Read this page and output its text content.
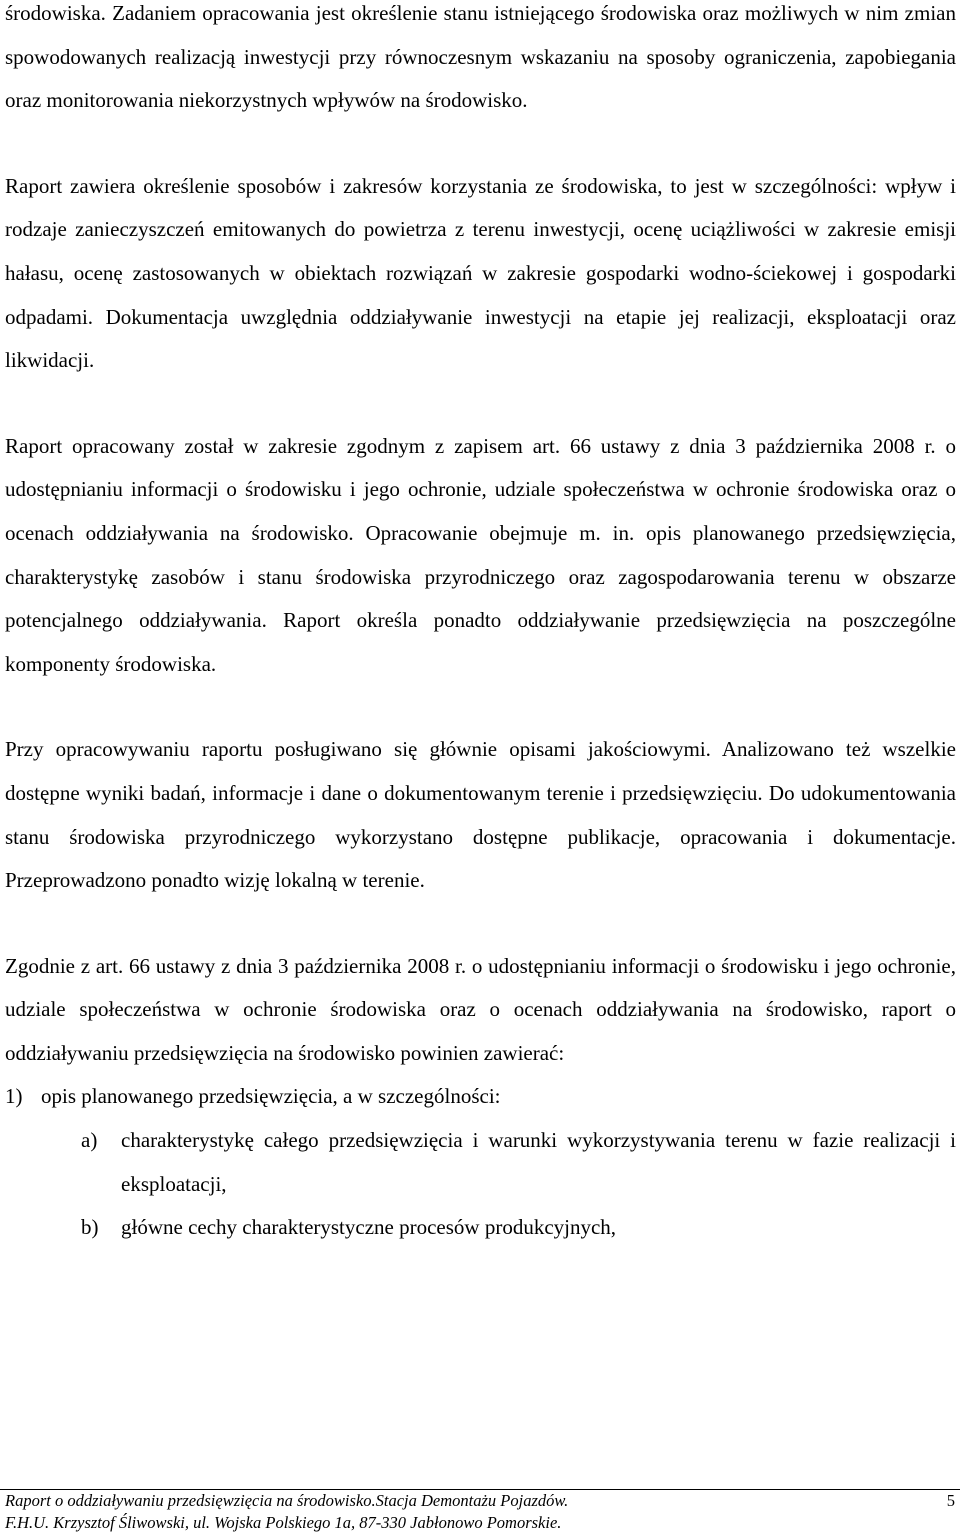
środowiska. Zadaniem opracowania jest określenie stanu istniejącego środowiska oraz możliwych w nim zmian spowodowanych realizacją inwestycji przy równoczesnym wskazaniu na sposoby ograniczenia, zapobiegania oraz monitorowania niekorzystnych wpływów na środowisko.

Raport zawiera określenie sposobów i zakresów korzystania ze środowiska, to jest w szczególności: wpływ i rodzaje zanieczyszczeń emitowanych do powietrza z terenu inwestycji, ocenę uciążliwości w zakresie emisji hałasu, ocenę zastosowanych w obiektach rozwiązań w zakresie gospodarki wodno-ściekowej i gospodarki odpadami. Dokumentacja uwzględnia oddziaływanie inwestycji na etapie jej realizacji, eksploatacji oraz likwidacji.

Raport opracowany został w zakresie zgodnym z zapisem art. 66 ustawy z dnia 3 października 2008 r. o udostępnianiu informacji o środowisku i jego ochronie, udziale społeczeństwa w ochronie środowiska oraz o ocenach oddziaływania na środowisko. Opracowanie obejmuje m. in. opis planowanego przedsięwzięcia, charakterystykę zasobów i stanu środowiska przyrodniczego oraz zagospodarowania terenu w obszarze potencjalnego oddziaływania. Raport określa ponadto oddziaływanie przedsięwzięcia na poszczególne komponenty środowiska.

Przy opracowywaniu raportu posługiwano się głównie opisami jakościowymi. Analizowano też wszelkie dostępne wyniki badań, informacje i dane o dokumentowanym terenie i przedsięwzięciu. Do udokumentowania stanu środowiska przyrodniczego wykorzystano dostępne publikacje, opracowania i dokumentacje. Przeprowadzono ponadto wizję lokalną w terenie.

Zgodnie z art. 66 ustawy z dnia 3 października 2008 r. o udostępnianiu informacji o środowisku i jego ochronie, udziale społeczeństwa w ochronie środowiska oraz o ocenach oddziaływania na środowisko, raport o oddziaływaniu przedsięwzięcia na środowisko powinien zawierać:

1) opis planowanego przedsięwzięcia, a w szczególności:
a)	charakterystykę całego przedsięwzięcia i warunki wykorzystywania terenu w fazie realizacji i eksploatacji,
b)	główne cechy charakterystyczne procesów produkcyjnych,
Raport o oddziaływaniu przedsięwzięcia na środowisko.Stacja Demontażu Pojazdów.	5
F.H.U. Krzysztof Śliwowski, ul. Wojska Polskiego 1a, 87-330 Jabłonowo Pomorskie.
